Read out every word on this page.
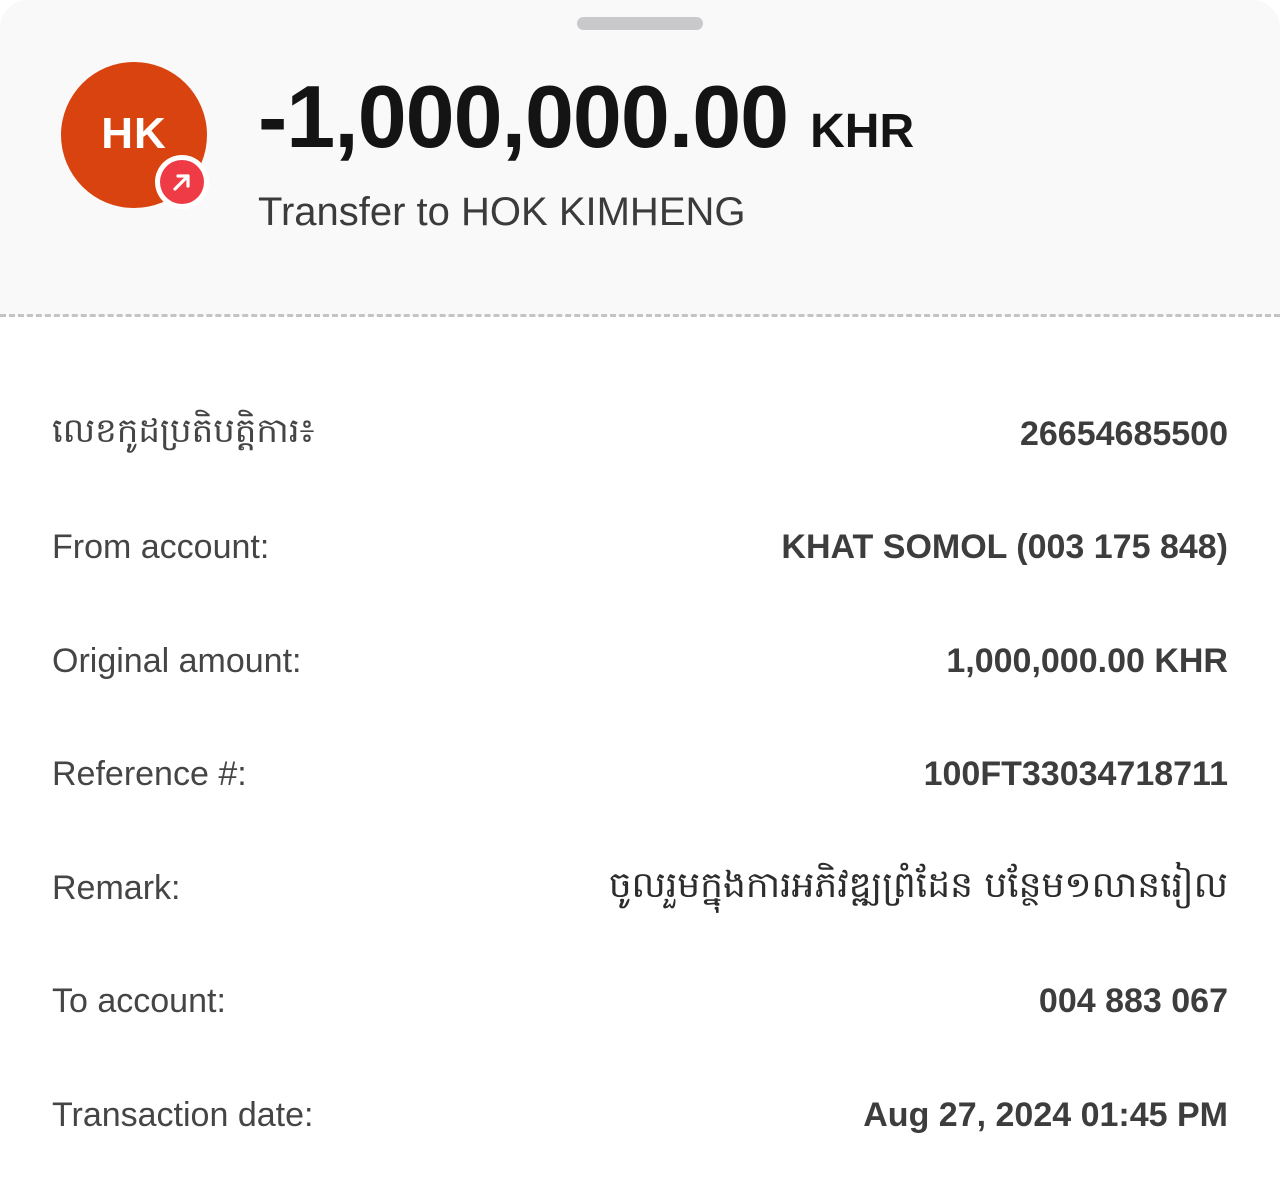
HK -1,000,000.00 KHR
Transfer to HOK KIMHENG
លេខកូដប្រតិបត្តិការ៖	26654685500
From account:	KHAT SOMOL (003 175 848)
Original amount:	1,000,000.00 KHR
Reference #:	100FT33034718711
Remark:	ចូលរួមក្នុងការអភិវឌ្ឍព្រំដែន បន្ថែម១លានរៀល
To account:	004 883 067
Transaction date:	Aug 27, 2024 01:45 PM
